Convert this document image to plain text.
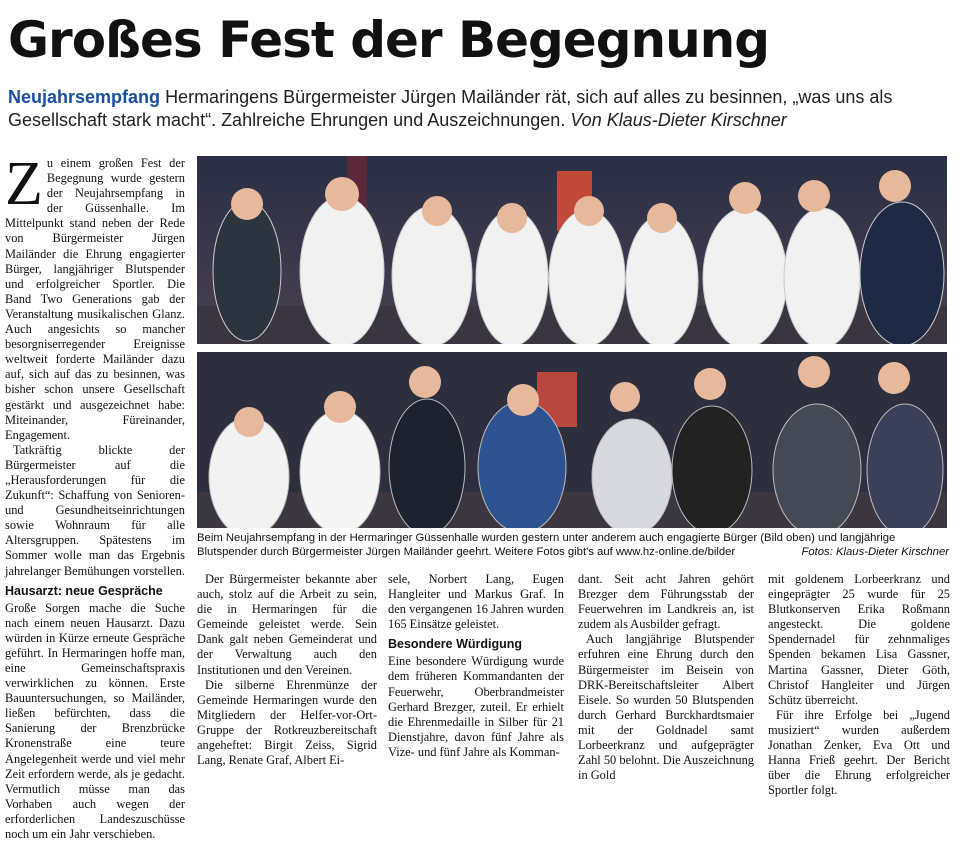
Großes Fest der Begegnung
Neujahrsempfang Hermaringens Bürgermeister Jürgen Mailänder rät, sich auf alles zu besinnen, „was uns als Gesellschaft stark macht“. Zahlreiche Ehrungen und Auszeichnungen. Von Klaus-Dieter Kirschner
Z u einem großen Fest der Begegnung wurde gestern der Neujahrsempfang in der Güssenhalle. Im Mittelpunkt stand neben der Rede von Bürgermeister Jürgen Mailänder die Ehrung engagierter Bürger, langjähriger Blutspender und erfolgreicher Sportler. Die Band Two Generations gab der Veranstaltung musikalischen Glanz. Auch angesichts so mancher besorgniserregender Ereignisse weltweit forderte Mailänder dazu auf, sich auf das zu besinnen, was bisher schon unsere Gesellschaft gestärkt und ausgezeichnet habe: Miteinander, Füreinander, Engagement.

Tatkräftig blickte der Bürgermeister auf die „Herausforderungen für die Zukunft“: Schaffung von Senioren- und Gesundheitseinrichtungen sowie Wohnraum für alle Altersgruppen. Spätestens im Sommer wolle man das Ergebnis jahrelanger Bemühungen vorstellen.

Hausarzt: neue Gespräche

Große Sorgen mache die Suche nach einem neuen Hausarzt. Dazu würden in Kürze erneute Gespräche geführt. In Hermaringen hoffe man, eine Gemeinschaftspraxis verwirklichen zu können. Erste Bauuntersuchungen, so Mailänder, ließen befürchten, dass die Sanierung der Brenzbrücke Kronenstraße eine teure Angelegenheit werde und viel mehr Zeit erfordern werde, als je gedacht. Vermutlich müsse man das Vorhaben auch wegen der erforderlichen Landeszuschüsse noch um ein Jahr verschieben.

Beim Neujahrsempfang in der Hermaringer Güssenhalle wurden gestern unter anderem auch engagierte Bürger (Bild oben) und langjährige Blutspender durch Bürgermeister Jürgen Mailänder geehrt. Weitere Fotos gibt's auf www.hz-online.de/bilder	Fotos: Klaus-Dieter Kirschner

Der Bürgermeister bekannte aber auch, stolz auf die Arbeit zu sein, die in Hermaringen für die Gemeinde geleistet werde. Sein Dank galt neben Gemeinderat und der Verwaltung auch den Institutionen und den Vereinen.

Die silberne Ehrenmünze der Gemeinde Hermaringen wurde den Mitgliedern der Helfer-vor-Ort-Gruppe der Rotkreuzbereitschaft angeheftet: Birgit Zeiss, Sigrid Lang, Renate Graf, Albert Ei-

sele, Norbert Lang, Eugen Hangleiter und Markus Graf. In den vergangenen 16 Jahren wurden 165 Einsätze geleistet.

Besondere Würdigung

Eine besondere Würdigung wurde dem früheren Kommandanten der Feuerwehr, Oberbrandmeister Gerhard Brezger, zuteil. Er erhielt die Ehrenmedaille in Silber für 21 Dienstjahre, davon fünf Jahre als Vize- und fünf Jahre als Komman-

dant. Seit acht Jahren gehört Brezger dem Führungsstab der Feuerwehren im Landkreis an, ist zudem als Ausbilder gefragt.

Auch langjährige Blutspender erfuhren eine Ehrung durch den Bürgermeister im Beisein von DRK-Bereitschaftsleiter Albert Eisele. So wurden 50 Blutspenden durch Gerhard Burckhardtsmaier mit der Goldnadel samt Lorbeerkranz und aufgeprägter Zahl 50 belohnt. Die Auszeichnung in Gold

mit goldenem Lorbeerkranz und eingeprägter 25 wurde für 25 Blutkonserven Erika Roßmann angesteckt. Die goldene Spendernadel für zehnmaliges Spenden bekamen Lisa Gassner, Martina Gassner, Dieter Göth, Christof Hangleiter und Jürgen Schütz überreicht.

Für ihre Erfolge bei „Jugend musiziert“ wurden außerdem Jonathan Zenker, Eva Ott und Hanna Frieß geehrt. Der Bericht über die Ehrung erfolgreicher Sportler folgt.
